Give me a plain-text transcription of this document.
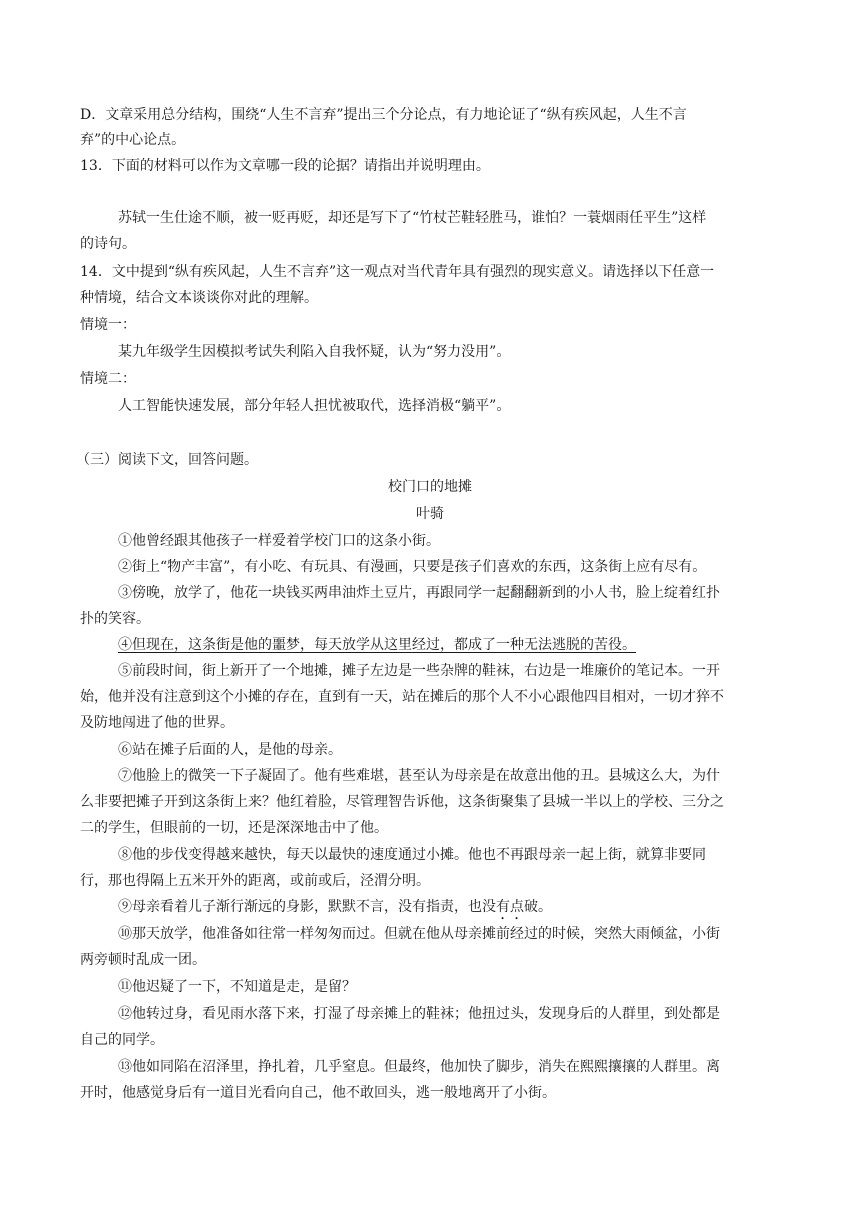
D．文章采用总分结构，围绕“人生不言弃”提出三个分论点，有力地论证了“纵有疾风起，人生不言
弃”的中心论点。
13．下面的材料可以作为文章哪一段的论据？请指出并说明理由。
苏轼一生仕途不顺，被一贬再贬，却还是写下了“竹杖芒鞋轻胜马，谁怕？一蓑烟雨任平生”这样
的诗句。
14．文中提到“纵有疾风起，人生不言弃”这一观点对当代青年具有强烈的现实意义。请选择以下任意一
种情境，结合文本谈谈你对此的理解。
情境一：
某九年级学生因模拟考试失利陷入自我怀疑，认为“努力没用”。
情境二：
人工智能快速发展，部分年轻人担忧被取代，选择消极“躺平”。
（三）阅读下文，回答问题。
校门口的地摊
叶骑
①他曾经跟其他孩子一样爱着学校门口的这条小街。
②街上“物产丰富”，有小吃、有玩具、有漫画，只要是孩子们喜欢的东西，这条街上应有尽有。
③傍晚，放学了，他花一块钱买两串油炸土豆片，再跟同学一起翻翻新到的小人书，脸上绽着红扑
扑的笑容。
④但现在，这条街是他的噩梦，每天放学从这里经过，都成了一种无法逃脱的苦役。
⑤前段时间，街上新开了一个地摊，摊子左边是一些杂牌的鞋袜，右边是一堆廉价的笔记本。一开
始，他并没有注意到这个小摊的存在，直到有一天，站在摊后的那个人不小心跟他四目相对，一切才猝不
及防地闯进了他的世界。
⑥站在摊子后面的人，是他的母亲。
⑦他脸上的微笑一下子凝固了。他有些难堪，甚至认为母亲是在故意出他的丑。县城这么大，为什
么非要把摊子开到这条街上来？他红着脸，尽管理智告诉他，这条街聚集了县城一半以上的学校、三分之
二的学生，但眼前的一切，还是深深地击中了他。
⑧他的步伐变得越来越快，每天以最快的速度通过小摊。他也不再跟母亲一起上街，就算非要同
行，那也得隔上五米开外的距离，或前或后，泾渭分明。
⑨母亲看着儿子渐行渐远的身影，默默不言，没有指责，也没有点破。
⑩那天放学，他准备如往常一样匆匆而过。但就在他从母亲摊前经过的时候，突然大雨倾盆，小街
两旁顿时乱成一团。
⑪他迟疑了一下，不知道是走，是留？
⑫他转过身，看见雨水落下来，打湿了母亲摊上的鞋袜；他扭过头，发现身后的人群里，到处都是
自己的同学。
⑬他如同陷在沼泽里，挣扎着，几乎窒息。但最终，他加快了脚步，消失在熙熙攘攘的人群里。离
开时，他感觉身后有一道目光看向自己，他不敢回头，逃一般地离开了小街。
